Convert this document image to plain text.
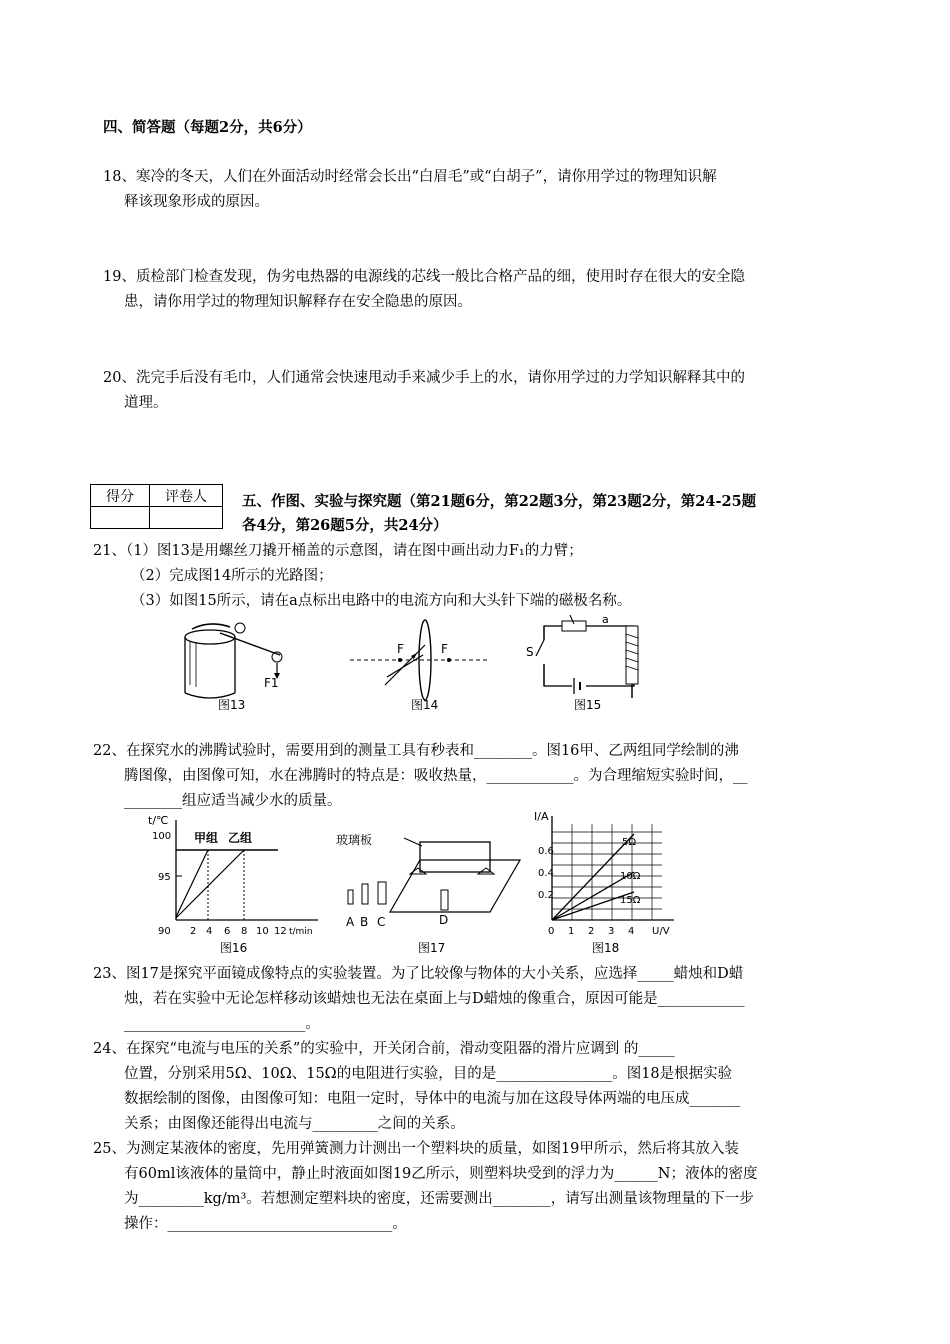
四、简答题（每题2分，共6分）
18、寒冷的冬天，人们在外面活动时经常会长出“白眉毛”或“白胡子”，请你用学过的物理知识解
释该现象形成的原因。
19、质检部门检查发现，伪劣电热器的电源线的芯线一般比合格产品的细，使用时存在很大的安全隐
患，请你用学过的物理知识解释存在安全隐患的原因。
20、洗完手后没有毛巾，人们通常会快速甩动手来减少手上的水，请你用学过的力学知识解释其中的
道理。
得分	评卷人
	五、作图、实验与探究题（第21题6分，第22题3分，第23题2分，第24-25题
各4分，第26题5分，共24分）
21、（1）图13是用螺丝刀撬开桶盖的示意图，请在图中画出动力F₁的力臂；
（2）完成图14所示的光路图；
（3）如图15所示，请在a点标出电路中的电流方向和大头针下端的磁极名称。
F1
图13
F	F
图14
S
a
图15
22、在探究水的沸腾试验时，需要用到的测量工具有秒表和________。图16甲、乙两组同学绘制的沸
腾图像，由图像可知，水在沸腾时的特点是：吸收热量，____________。为合理缩短实验时间，__
________组应适当减少水的质量。
t/℃
甲组 乙组
100
95
90 2 4 6 8 10 12 t/min
图16
玻璃板
A B C	D
图17
I/A
0.6
0.4
0.2
0 1 2 3 4 U/V
5Ω
10Ω
15Ω
图18
23、图17是探究平面镜成像特点的实验装置。为了比较像与物体的大小关系，应选择_____蜡烛和D蜡
烛，若在实验中无论怎样移动该蜡烛也无法在桌面上与D蜡烛的像重合，原因可能是____________
_________________________。
24、在探究“电流与电压的关系”的实验中，开关闭合前，滑动变阻器的滑片应调到 的_____
位置，分别采用5Ω、10Ω、15Ω的电阻进行实验，目的是________________。图18是根据实验
数据绘制的图像，由图像可知：电阻一定时，导体中的电流与加在这段导体两端的电压成_______
关系；由图像还能得出电流与_________之间的关系。
25、为测定某液体的密度，先用弹簧测力计测出一个塑料块的质量，如图19甲所示，然后将其放入装
有60ml该液体的量筒中，静止时液面如图19乙所示，则塑料块受到的浮力为______N；液体的密度
为_________kg/m³。若想测定塑料块的密度，还需要测出________，请写出测量该物理量的下一步
操作：_______________________________。
